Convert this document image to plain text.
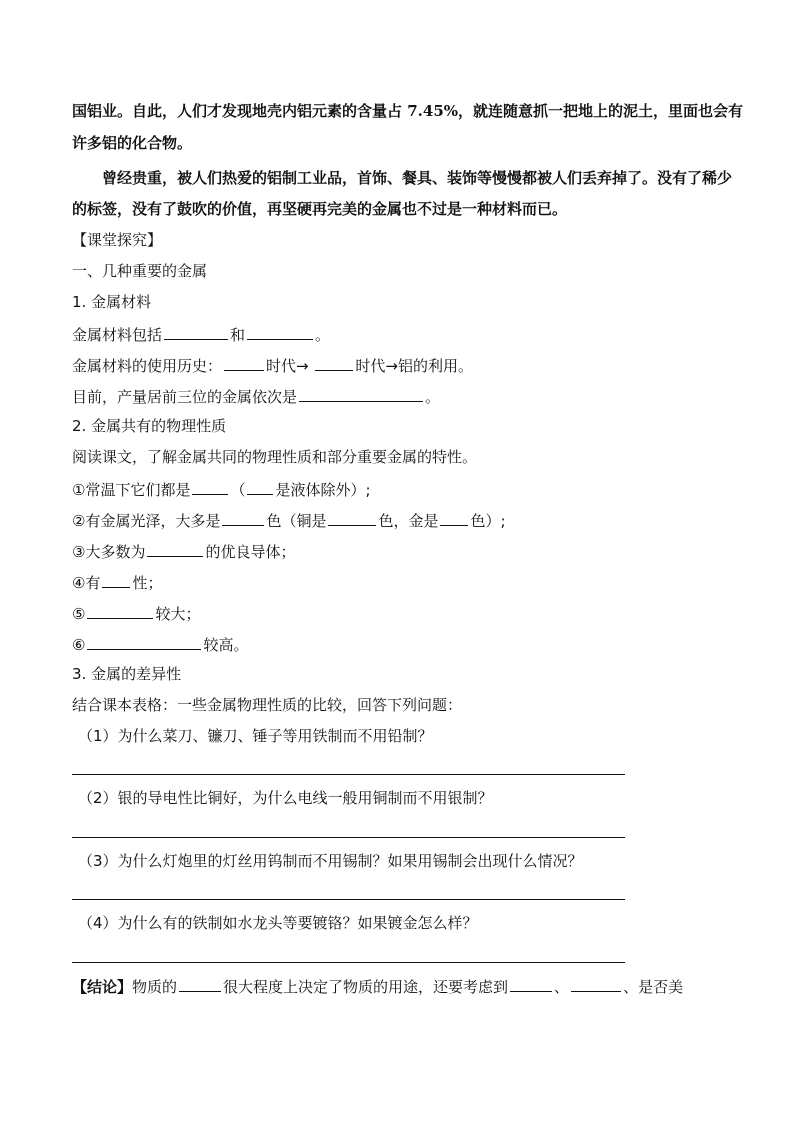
国铝业。自此，人们才发现地壳内铝元素的含量占 7.45%，就连随意抓一把地上的泥土，里面也会有
许多铝的化合物。
曾经贵重，被人们热爱的铝制工业品，首饰、餐具、装饰等慢慢都被人们丢弃掉了。没有了稀少
的标签，没有了鼓吹的价值，再坚硬再完美的金属也不过是一种材料而已。
【课堂探究】
一、几种重要的金属
1. 金属材料
金属材料包括	和	。
金属材料的使用历史：	时代→	时代→铝的利用。
目前，产量居前三位的金属依次是	。
2. 金属共有的物理性质
阅读课文，了解金属共同的物理性质和部分重要金属的特性。
①常温下它们都是	（ 是液体除外）;
②有金属光泽，大多是	色（铜是	色，金是 色）;
③大多数为	的优良导体；
④有 性；
⑤	较大；
⑥	较高。
3. 金属的差异性
结合课本表格：一些金属物理性质的比较，回答下列问题：
（1）为什么菜刀、镰刀、锤子等用铁制而不用铅制？
（2）银的导电性比铜好，为什么电线一般用铜制而不用银制？
（3）为什么灯炮里的灯丝用钨制而不用锡制？如果用锡制会出现什么情况？
（4）为什么有的铁制如水龙头等要镀铬？如果镀金怎么样？
【结论】物质的	很大程度上决定了物质的用途，还要考虑到	、	、是否美
